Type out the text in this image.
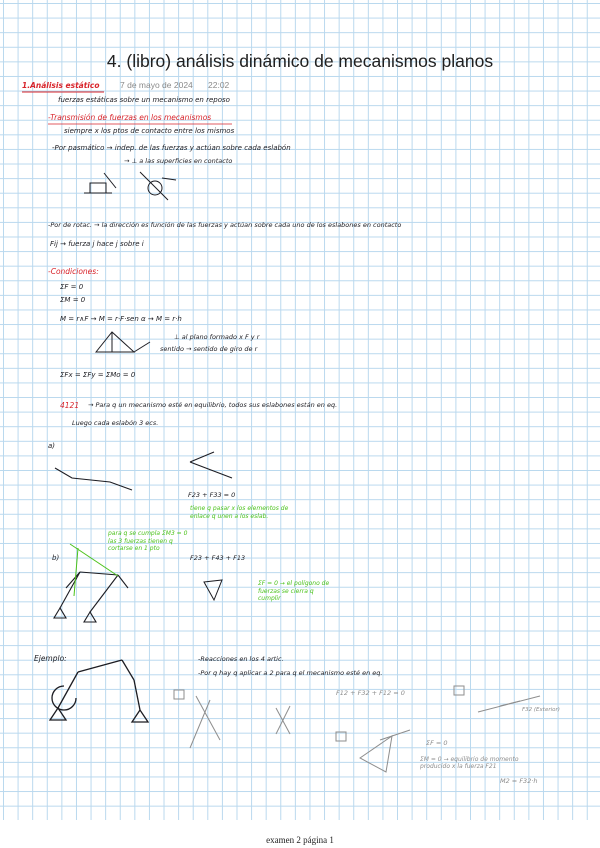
4. (libro) análisis dinámico de mecanismos planos
7 de mayo de 2024 22:02
1.Análisis estático
fuerzas estáticas sobre un mecanismo en reposo
-Transmisión de fuerzas en los mecanismos
siempre x los ptos de contacto entre los mismos
-Por pasmático → indep. de las fuerzas y actúan sobre cada eslabón
→ ⊥ a las superficies en contacto
-Por de rotac. → la dirección es función de las fuerzas y actúan sobre cada uno de los eslabones en contacto
Fij → fuerza j hace j sobre i
-Condiciones:
ΣF = 0
ΣM = 0
M = r∧F → M = r·F·sen α → M = r·h
⊥ al plano formado x F y r
sentido → sentido de giro de r
ΣFx = ΣFy = ΣMo = 0
4121 → Para q un mecanismo esté en equilibrio, todos sus eslabones están en eq.
Luego cada eslabón 3 ecs.
a)
F23 + F33 = 0
tiene q pasar x los elementos de enlace q unen a los eslab.
b)
para q se cumpla ΣM3 = 0 las 3 fuerzas tienen q cortarse en 1 pto
F23 + F43 + F13
ΣF = 0 → el polígono de fuerzas se cierra q cumplir
Ejemplo:	-Reacciones en los 4 artic.
-Por q hay q aplicar a 2 para q el mecanismo esté en eq.
F12 + F32 + F12 = 0
ΣF = 0
ΣM = 0 → equilibrio de momento producido x la fuerza F21
M2 = F32·h
F32 (Exterior)
examen 2 página 1
